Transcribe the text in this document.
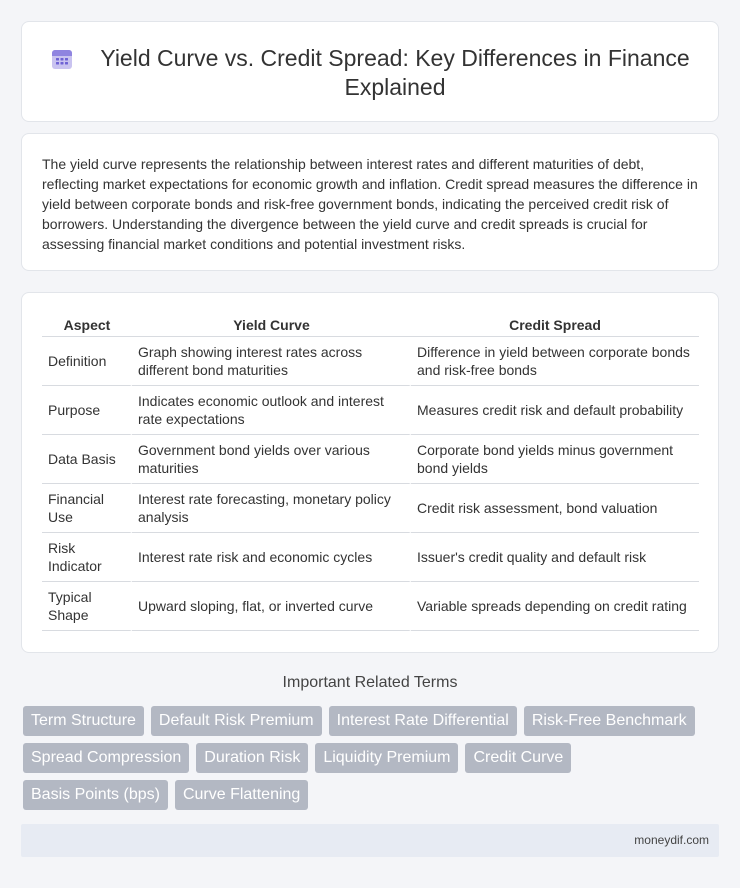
Yield Curve vs. Credit Spread: Key Differences in Finance Explained

The yield curve represents the relationship between interest rates and different maturities of debt, reflecting market expectations for economic growth and inflation. Credit spread measures the difference in yield between corporate bonds and risk-free government bonds, indicating the perceived credit risk of borrowers. Understanding the divergence between the yield curve and credit spreads is crucial for assessing financial market conditions and potential investment risks.

Aspect	Yield Curve	Credit Spread
Definition	Graph showing interest rates across different bond maturities	Difference in yield between corporate bonds and risk-free bonds
Purpose	Indicates economic outlook and interest rate expectations	Measures credit risk and default probability
Data Basis	Government bond yields over various maturities	Corporate bond yields minus government bond yields
Financial Use	Interest rate forecasting, monetary policy analysis	Credit risk assessment, bond valuation
Risk Indicator	Interest rate risk and economic cycles	Issuer's credit quality and default risk
Typical Shape	Upward sloping, flat, or inverted curve	Variable spreads depending on credit rating
Important Related Terms
Term Structure	Default Risk Premium	Interest Rate Differential	Risk-Free Benchmark
Spread Compression	Duration Risk	Liquidity Premium	Credit Curve
Basis Points (bps)	Curve Flattening
moneydif.com
